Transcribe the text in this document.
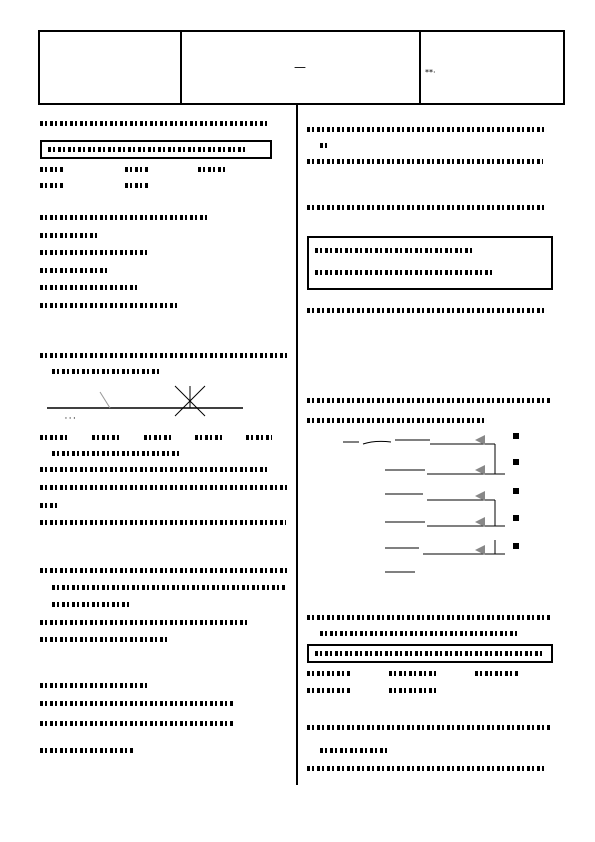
—	**·
' ' '
